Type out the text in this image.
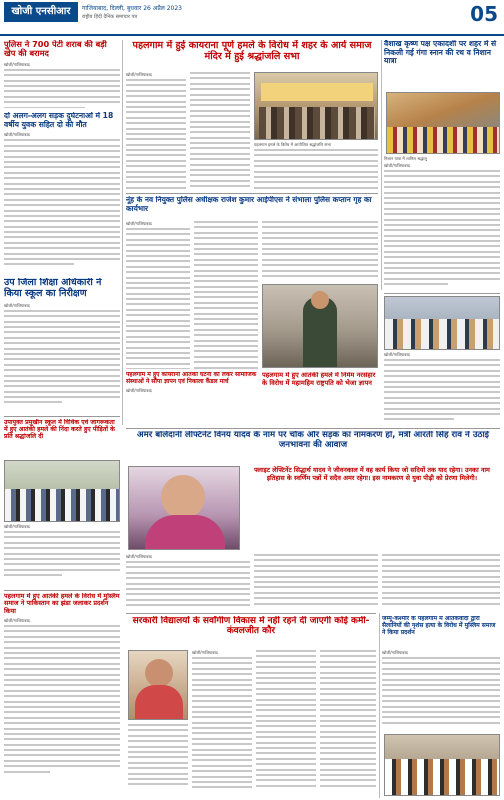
खोजी एनसीआर	गाजियाबाद, दिल्ली, बुधवार 26 अप्रैल 2023
राष्ट्रीय हिंदी दैनिक समाचार पत्र	05
पुलिस ने 700 पेटी शराब की बड़ी खेप की बरामद
खोजी/गाजियाबाद
दो अलग-अलग सड़क दुर्घटनाओं में 18 वर्षीय युवक सहित दो की मौत
खोजी/गाजियाबाद
उप जिला शिक्षा अधिकारी ने किया स्कूल का निरीक्षण
खोजी/गाजियाबाद
पहलगाम में हुई कायराना पूर्ण हमले के विरोध में शहर के आर्य समाज मंदिर में हुई श्रद्धांजलि सभा
खोजी/गाजियाबाद
पहलगाम हमले के विरोध में आयोजित श्रद्धांजलि सभा
वैशाख कृष्ण पक्ष एकादशी पर शहर में से निकली गई गंगा स्नान की रथ व निशान यात्रा
निशान यात्रा में शामिल श्रद्धालु
खोजी/गाजियाबाद
नूंह के नव नियुक्त पुलिस अधीक्षक राजेश कुमार आईपीएस ने संभाला पुलिस कप्तान गृह का कार्यभार
खोजी/गाजियाबाद
खोजी/गाजियाबाद
अमर बलिदानी लेफ्टिनेंट विनय यादव के नाम पर चौक और सड़क का नामकरण हो, मंत्री आरती सिंह राव ने उठाई जनभावना की आवाज
फ्लाइट लेफ्टिनेंट सिद्धार्थ यादव ने जीवनकाल में वह कार्य किया जो सदियों तक याद रहेगा। उनका नाम इतिहास के स्वर्णिम पन्नों में सदैव अमर रहेगा। इस नामकरण से युवा पीढ़ी को प्रेरणा मिलेगी।
खोजी/गाजियाबाद
उपायुक्त प्रमुखीन स्कूल में विधिक एवं जागरूकता में हुए आतंकी हमले की निंदा करते हुए पीड़ितों के प्रति श्रद्धांजलि दी
खोजी/गाजियाबाद
पहलगाम में हुए आतंकी हमले के विरोध में मुस्लिम समाज ने पाकिस्तान का झंडा जलाकर प्रदर्शन किया
खोजी/गाजियाबाद	सरकारी विद्यालयों के सर्वांगीण विकास में नहीं रहने दी जाएगी कोई कमी-कंवलजीत कौर
खोजी/गाजियाबाद
जम्मू-कश्मीर के पहलगाम में आतंकवादी द्वारा सैलानियों की नृशंस हत्या के विरोध में मुस्लिम समाज ने किया प्रदर्शन
खोजी/गाजियाबाद
पहलगाम में हुए आतंकी हमले में निर्मम नरसंहार के विरोध में महामहिम राष्ट्रपति को भेजा ज्ञापन
पहलगाम में हुए कायराना आतंकी घटना को लेकर सामाजिक संस्थाओं ने सौंपा ज्ञापन एवं निकाला कैंडल मार्च
खोजी/गाजियाबाद
